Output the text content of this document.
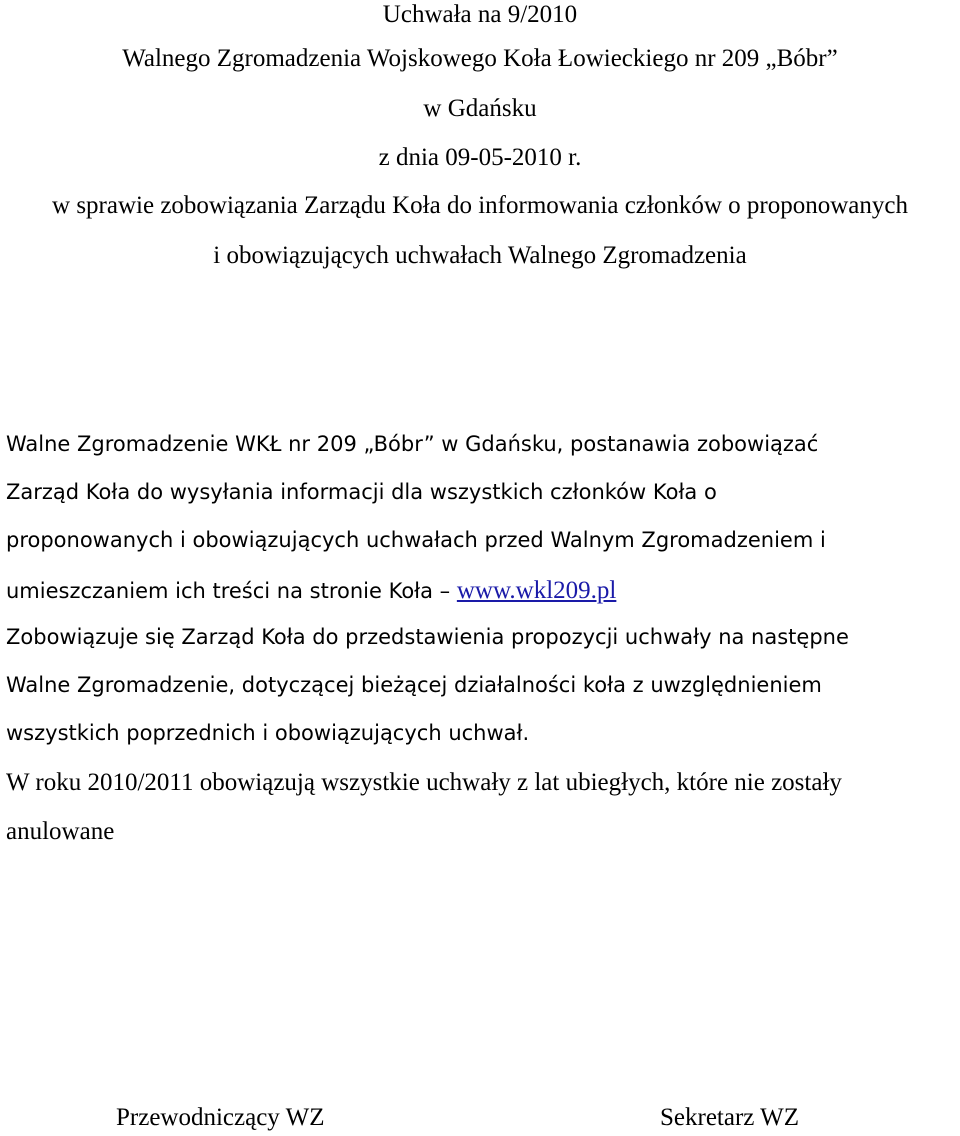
Uchwała na 9/2010
Walnego Zgromadzenia Wojskowego Koła Łowieckiego nr 209 „Bóbr”
w Gdańsku
z dnia 09-05-2010 r.
w sprawie zobowiązania Zarządu Koła do informowania członków o proponowanych
i obowiązujących uchwałach Walnego Zgromadzenia
Walne Zgromadzenie WKŁ nr 209 „Bóbr” w Gdańsku, postanawia zobowiązać
Zarząd Koła do wysyłania informacji dla wszystkich członków Koła o
proponowanych i obowiązujących uchwałach przed Walnym Zgromadzeniem i
umieszczaniem ich treści na stronie Koła – www.wkl209.pl
Zobowiązuje się Zarząd Koła do przedstawienia propozycji uchwały na następne
Walne Zgromadzenie, dotyczącej bieżącej działalności koła z uwzględnieniem
wszystkich poprzednich i obowiązujących uchwał.
W roku 2010/2011 obowiązują wszystkie uchwały z lat ubiegłych, które nie zostały
anulowane
Przewodniczący WZ	Sekretarz WZ
